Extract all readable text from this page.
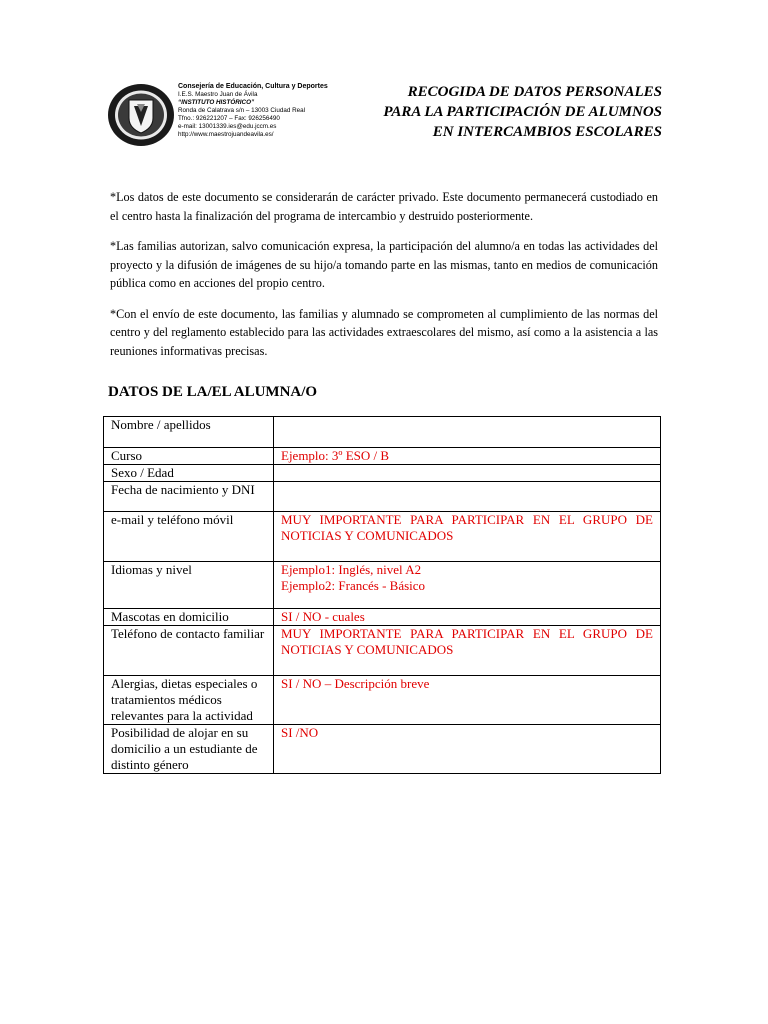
Consejería de Educación, Cultura y Deportes
I.E.S. Maestro Juan de Ávila
“INSTITUTO HISTÓRICO”
Ronda de Calatrava s/n – 13003 Ciudad Real
Tfno.: 926221207 – Fax: 926256490
e-mail: 13001339.ies@edu.jccm.es
http://www.maestrojuandeavila.es/
RECOGIDA DE DATOS PERSONALES
PARA LA PARTICIPACIÓN DE ALUMNOS
EN INTERCAMBIOS ESCOLARES

*Los datos de este documento se considerarán de carácter privado. Este documento permanecerá custodiado en el centro hasta la finalización del programa de intercambio y destruido posteriormente.

*Las familias autorizan, salvo comunicación expresa, la participación del alumno/a en todas las actividades del proyecto y la difusión de imágenes de su hijo/a tomando parte en las mismas, tanto en medios de comunicación pública como en acciones del propio centro.

*Con el envío de este documento, las familias y alumnado se comprometen al cumplimiento de las normas del centro y del reglamento establecido para las actividades extraescolares del mismo, así como a la asistencia a las reuniones informativas precisas.

DATOS DE LA/EL ALUMNA/O
Nombre / apellidos	
Curso	Ejemplo: 3º ESO / B
Sexo / Edad	
Fecha de nacimiento y DNI	
e-mail y teléfono móvil	MUY IMPORTANTE PARA PARTICIPAR EN EL GRUPO DE NOTICIAS Y COMUNICADOS
Idiomas y nivel	Ejemplo1: Inglés, nivel A2
Ejemplo2: Francés - Básico

Mascotas en domicilio	SI / NO - cuales
Teléfono de contacto familiar	MUY IMPORTANTE PARA PARTICIPAR EN EL GRUPO DE NOTICIAS Y COMUNICADOS
Alergias, dietas especiales o tratamientos médicos relevantes para la actividad	SI / NO – Descripción breve
Posibilidad de alojar en su domicilio a un estudiante de distinto género	SI /NO
